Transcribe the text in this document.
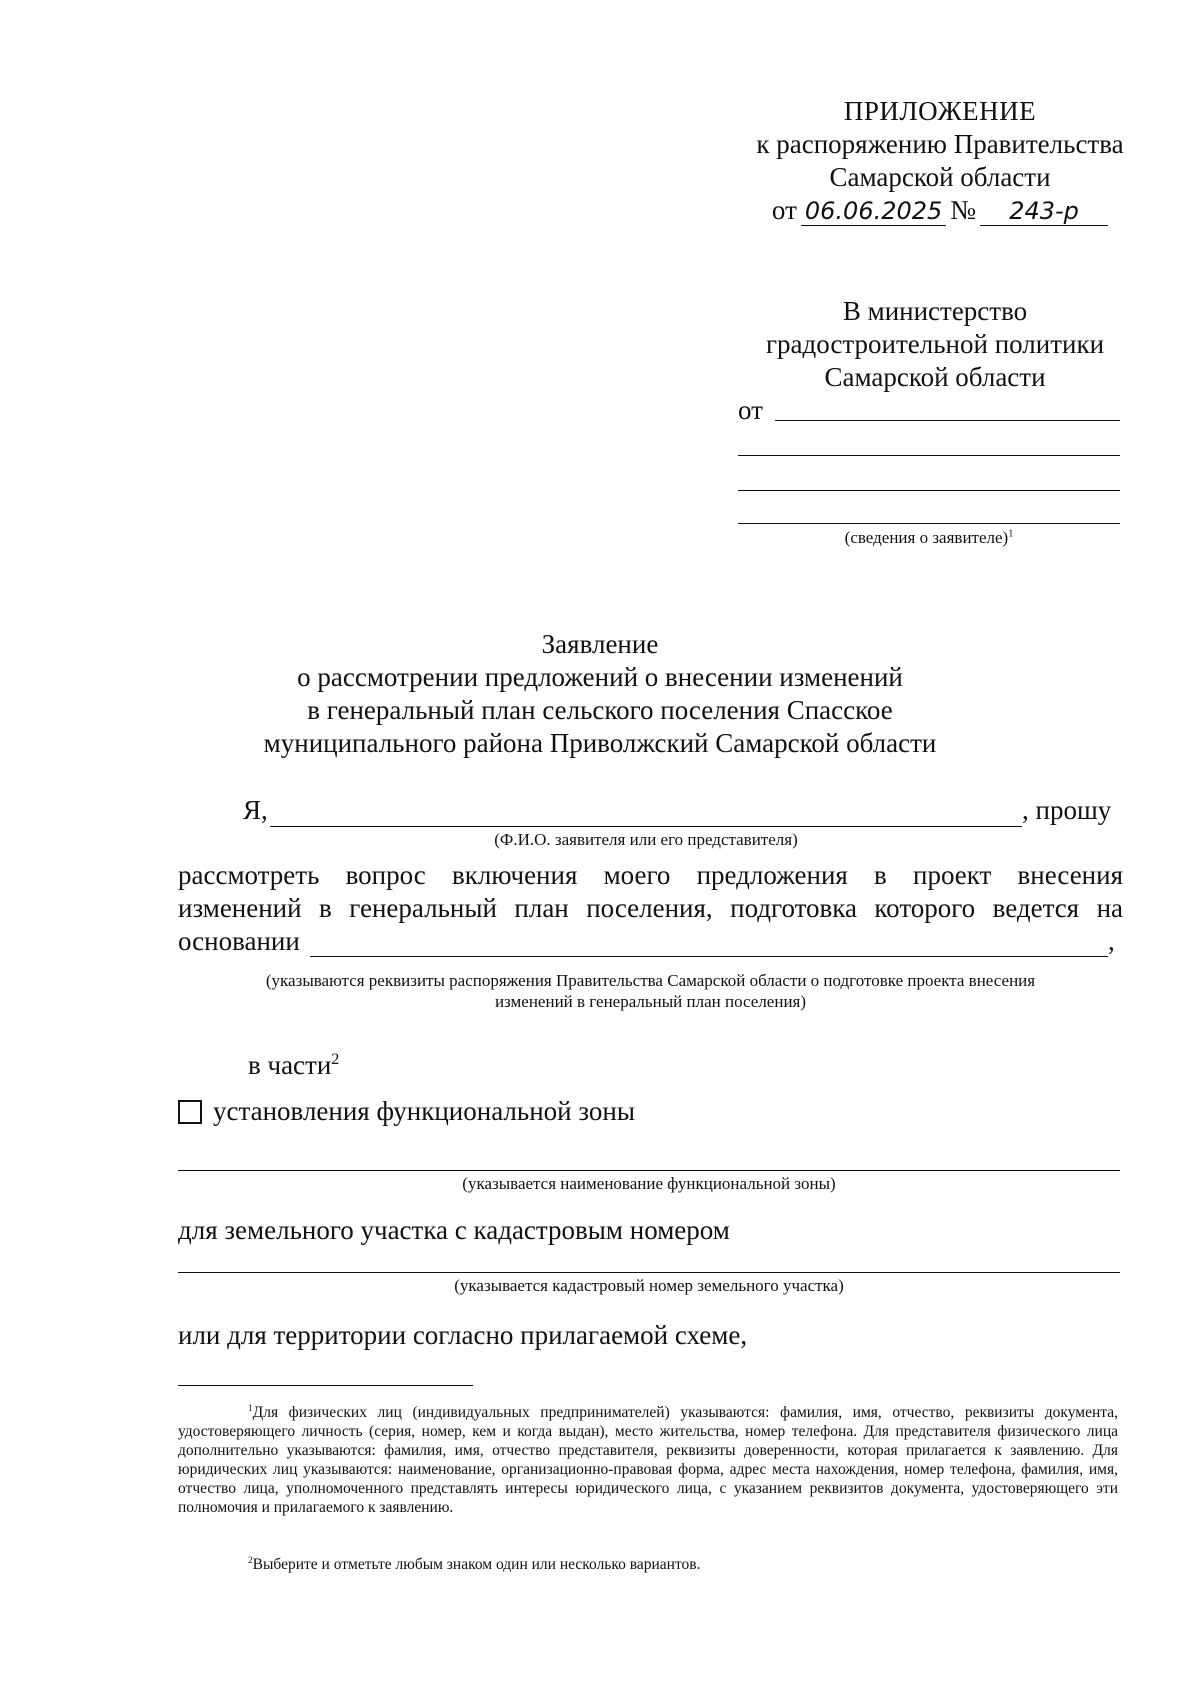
ПРИЛОЖЕНИЕ
к распоряжению Правительства
Самарской области
от 06.06.2025 №	243-р
В министерство
градостроительной политики
Самарской области
от
(сведения о заявителе)$^1$
Заявление
о рассмотрении предложений о внесении изменений
в генеральный план сельского поселения Спасское
муниципального района Приволжский Самарской области
Я,	, прошу
(Ф.И.О. заявителя или его представителя)
рассмотреть вопрос включения моего предложения в проект внесения
изменений в генеральный план поселения, подготовка которого ведется на
основании	,
(указываются реквизиты распоряжения Правительства Самарской области о подготовке проекта внесения
изменений в генеральный план поселения)
в части$^2$
установления функциональной зоны
(указывается наименование функциональной зоны)
для земельного участка с кадастровым номером
(указывается кадастровый номер земельного участка)
или для территории согласно прилагаемой схеме,
$^1$Для физических лиц (индивидуальных предпринимателей) указываются: фамилия, имя, отчество, реквизиты документа, удостоверяющего личность (серия, номер, кем и когда выдан), место жительства, номер телефона. Для представителя физического лица дополнительно указываются: фамилия, имя, отчество представителя, реквизиты доверенности, которая прилагается к заявлению. Для юридических лиц указываются: наименование, организационно-правовая форма, адрес места нахождения, номер телефона, фамилия, имя, отчество лица, уполномоченного представлять интересы юридического лица, с указанием реквизитов документа, удостоверяющего эти полномочия и прилагаемого к заявлению.
$^2$Выберите и отметьте любым знаком один или несколько вариантов.
